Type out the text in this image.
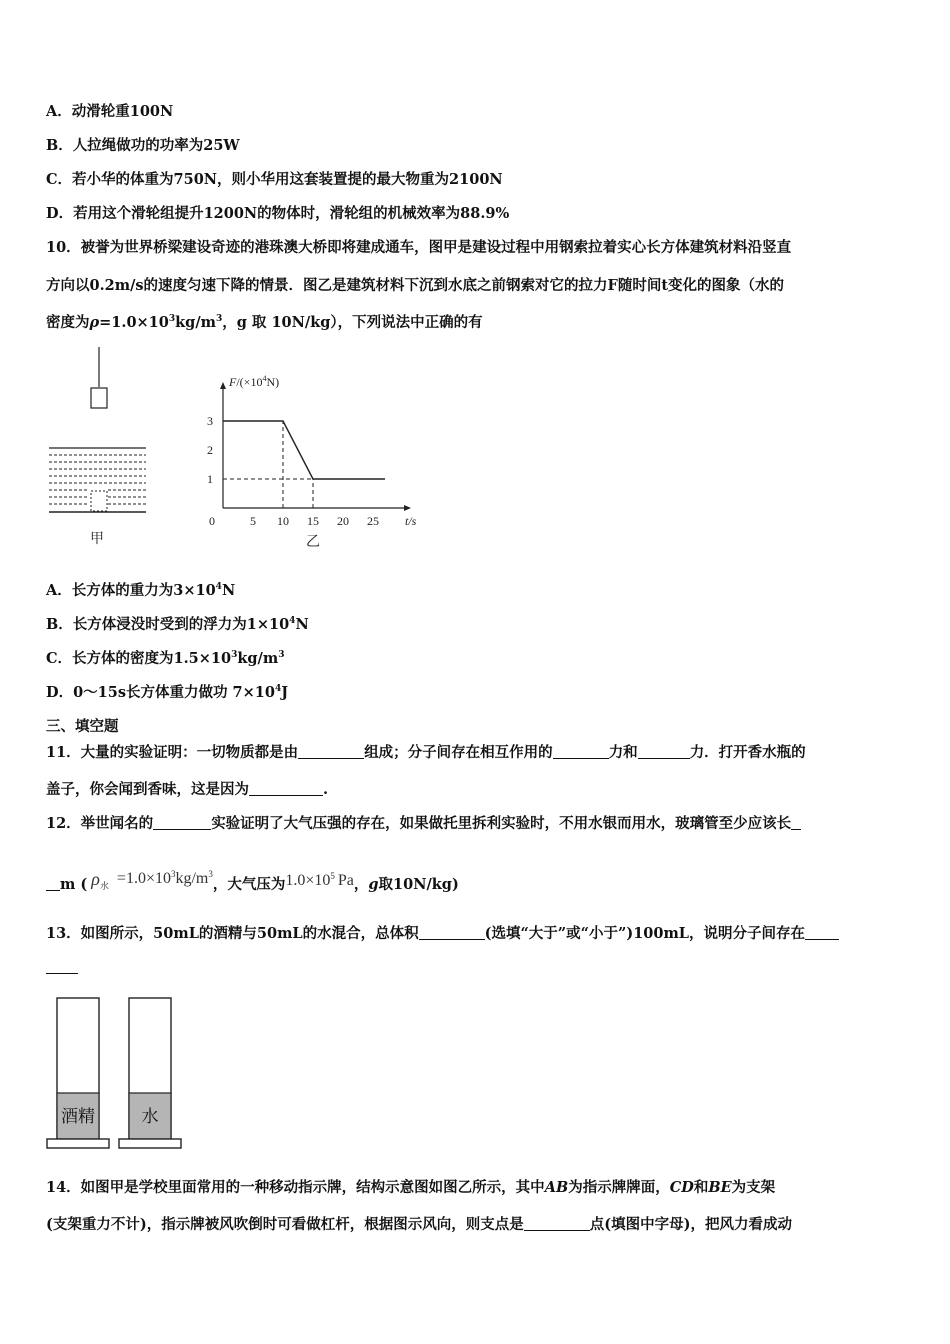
A．动滑轮重100N
B．人拉绳做功的功率为25W
C．若小华的体重为750N，则小华用这套装置提的最大物重为2100N
D．若用这个滑轮组提升1200N的物体时，滑轮组的机械效率为88.9%
10．被誉为世界桥梁建设奇迹的港珠澳大桥即将建成通车，图甲是建设过程中用钢索拉着实心长方体建筑材料沿竖直
方向以0.2m/s的速度匀速下降的情景．图乙是建筑材料下沉到水底之前钢索对它的拉力F随时间t变化的图象（水的
密度为$\rho=1.0\times 10^3kg/m^3$，g 取 10N/kg），下列说法中正确的有
甲
0	5 10 15 20 25
1
2
3
$F/(\times 10^4N)$
t/s
乙
A．长方体的重力为$3\times 10^4N$
B．长方体浸没时受到的浮力为$1\times 10^4N$
C．长方体的密度为$1.5\times 10^3kg/m^3$
D．0～15s长方体重力做功 $7\times 10^4J$
三、填空题
11．大量的实验证明：一切物质都是由	组成；分子间存在相互作用的	力和	力．打开香水瓶的
盖子，你会闻到香味，这是因为	.
12．举世闻名的	实验证明了大气压强的存在，如果做托里拆利实验时，不用水银而用水，玻璃管至少应该长
m ( ρ水 $=1.0\times 10^3kg/m^3$，大气压为$1.0\times 10^5$ Pa，g取10N/kg)
13．如图所示，50mL的酒精与50mL的水混合，总体积	(选填“大于”或“小于”)100mL，说明分子间存在
酒精	水
14．如图甲是学校里面常用的一种移动指示牌，结构示意图如图乙所示，其中AB为指示牌牌面，CD和BE为支架
(支架重力不计)，指示牌被风吹倒时可看做杠杆，根据图示风向，则支点是	点(填图中字母)，把风力看成动
